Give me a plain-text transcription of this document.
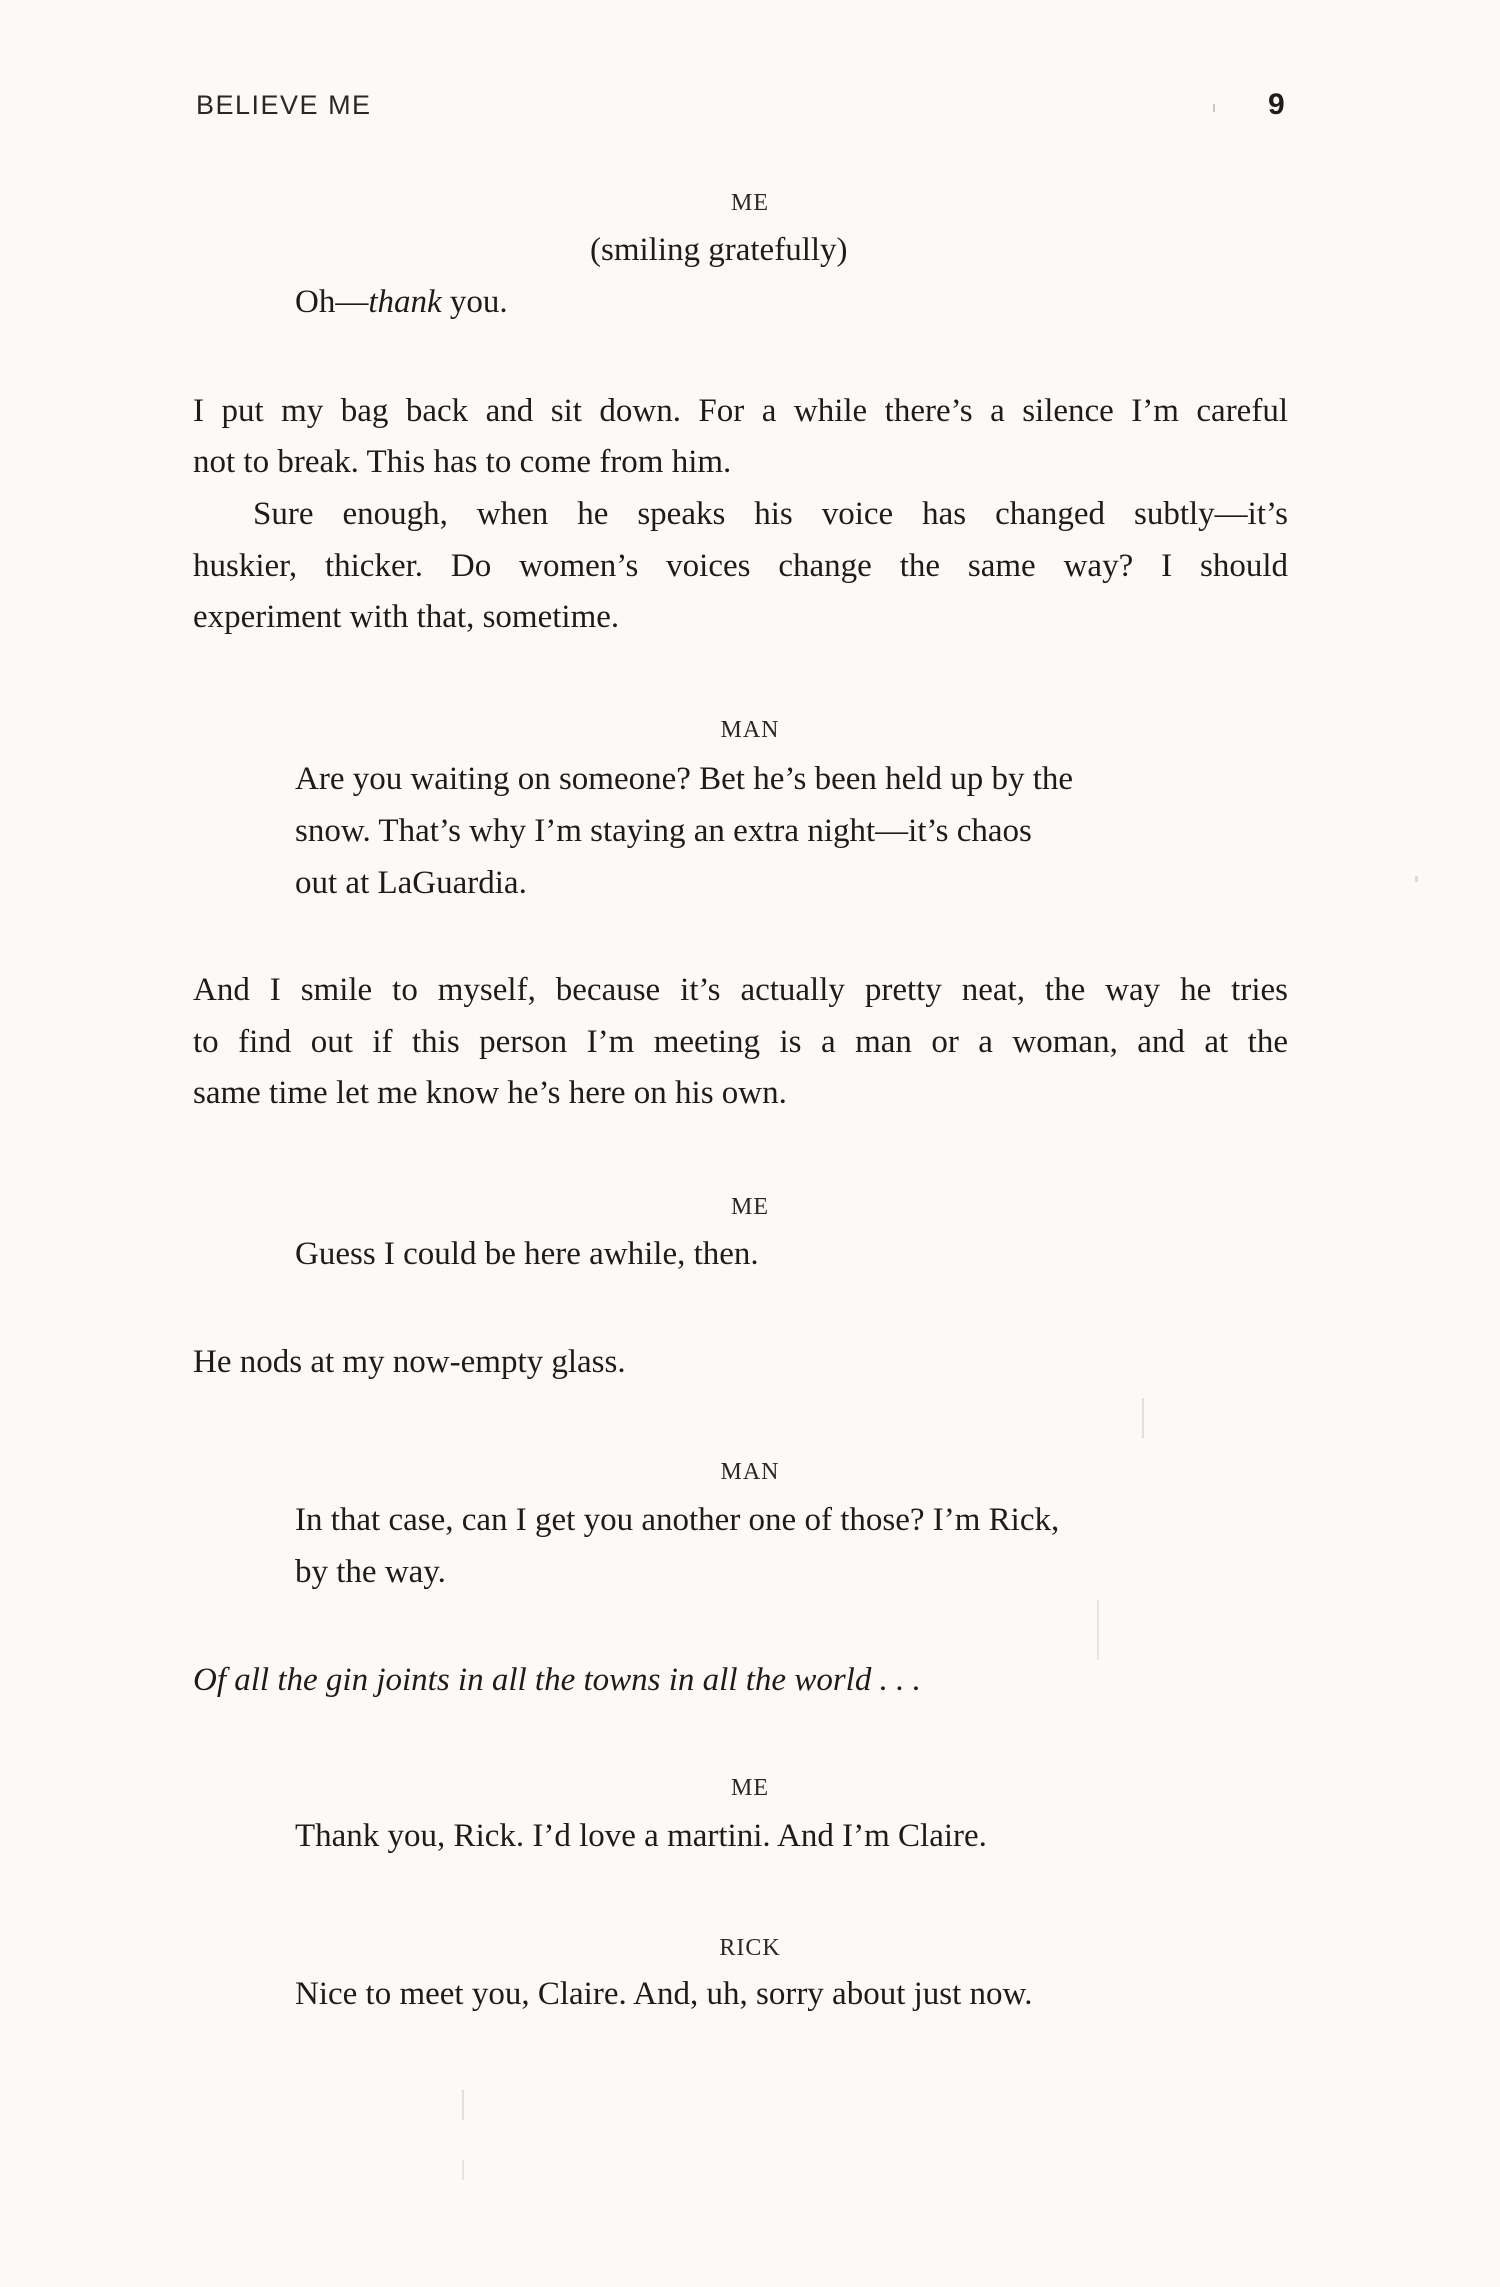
BELIEVE ME	9
ME
(smiling gratefully)
Oh—thank you.
I put my bag back and sit down. For a while there’s a silence I’m careful
not to break. This has to come from him.
Sure enough, when he speaks his voice has changed subtly—it’s
huskier, thicker. Do women’s voices change the same way? I should
experiment with that, sometime.
MAN
Are you waiting on someone? Bet he’s been held up by the
snow. That’s why I’m staying an extra night—it’s chaos
out at LaGuardia.
And I smile to myself, because it’s actually pretty neat, the way he tries
to find out if this person I’m meeting is a man or a woman, and at the
same time let me know he’s here on his own.
ME
Guess I could be here awhile, then.
He nods at my now-empty glass.
MAN
In that case, can I get you another one of those? I’m Rick,
by the way.
Of all the gin joints in all the towns in all the world . . .
ME
Thank you, Rick. I’d love a martini. And I’m Claire.
RICK
Nice to meet you, Claire. And, uh, sorry about just now.
